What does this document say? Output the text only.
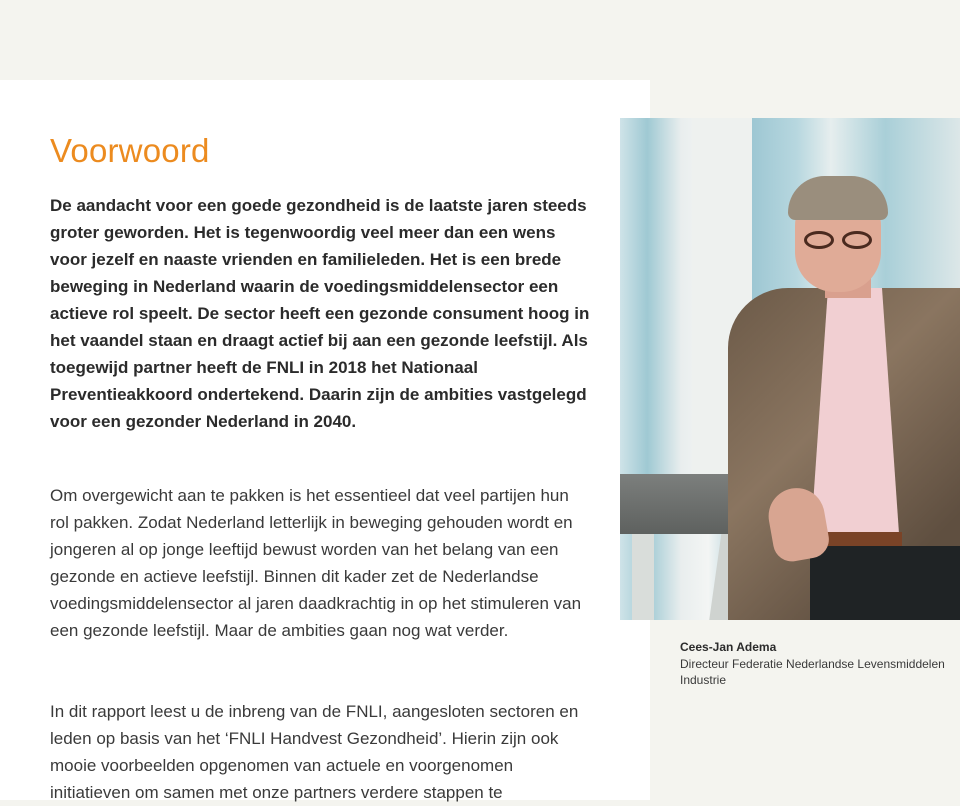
Voorwoord

De aandacht voor een goede gezondheid is de laatste jaren steeds groter geworden. Het is tegenwoordig veel meer dan een wens voor jezelf en naaste vrienden en familieleden. Het is een brede beweging in Nederland waarin de voedingsmiddelensector een actieve rol speelt. De sector heeft een gezonde consument hoog in het vaandel staan en draagt actief bij aan een gezonde leefstijl. Als toegewijd partner heeft de FNLI in 2018 het Nationaal Preventieakkoord ondertekend. Daarin zijn de ambities vastgelegd voor een gezonder Nederland in 2040.

Om overgewicht aan te pakken is het essentieel dat veel partijen hun rol pakken. Zodat Nederland letterlijk in beweging gehouden wordt en jongeren al op jonge leeftijd bewust worden van het belang van een gezonde en actieve leefstijl. Binnen dit kader zet de Nederlandse voedingsmiddelensector al jaren daadkrachtig in op het stimuleren van een gezonde leefstijl. Maar de ambities gaan nog wat verder.

In dit rapport leest u de inbreng van de FNLI, aangesloten sectoren en leden op basis van het ‘FNLI Handvest Gezondheid’. Hierin zijn ook mooie voorbeelden opgenomen van actuele en voorgenomen initiatieven om samen met onze partners verdere stappen te

Cees-Jan Adema
Directeur Federatie Nederlandse Levensmiddelen Industrie
